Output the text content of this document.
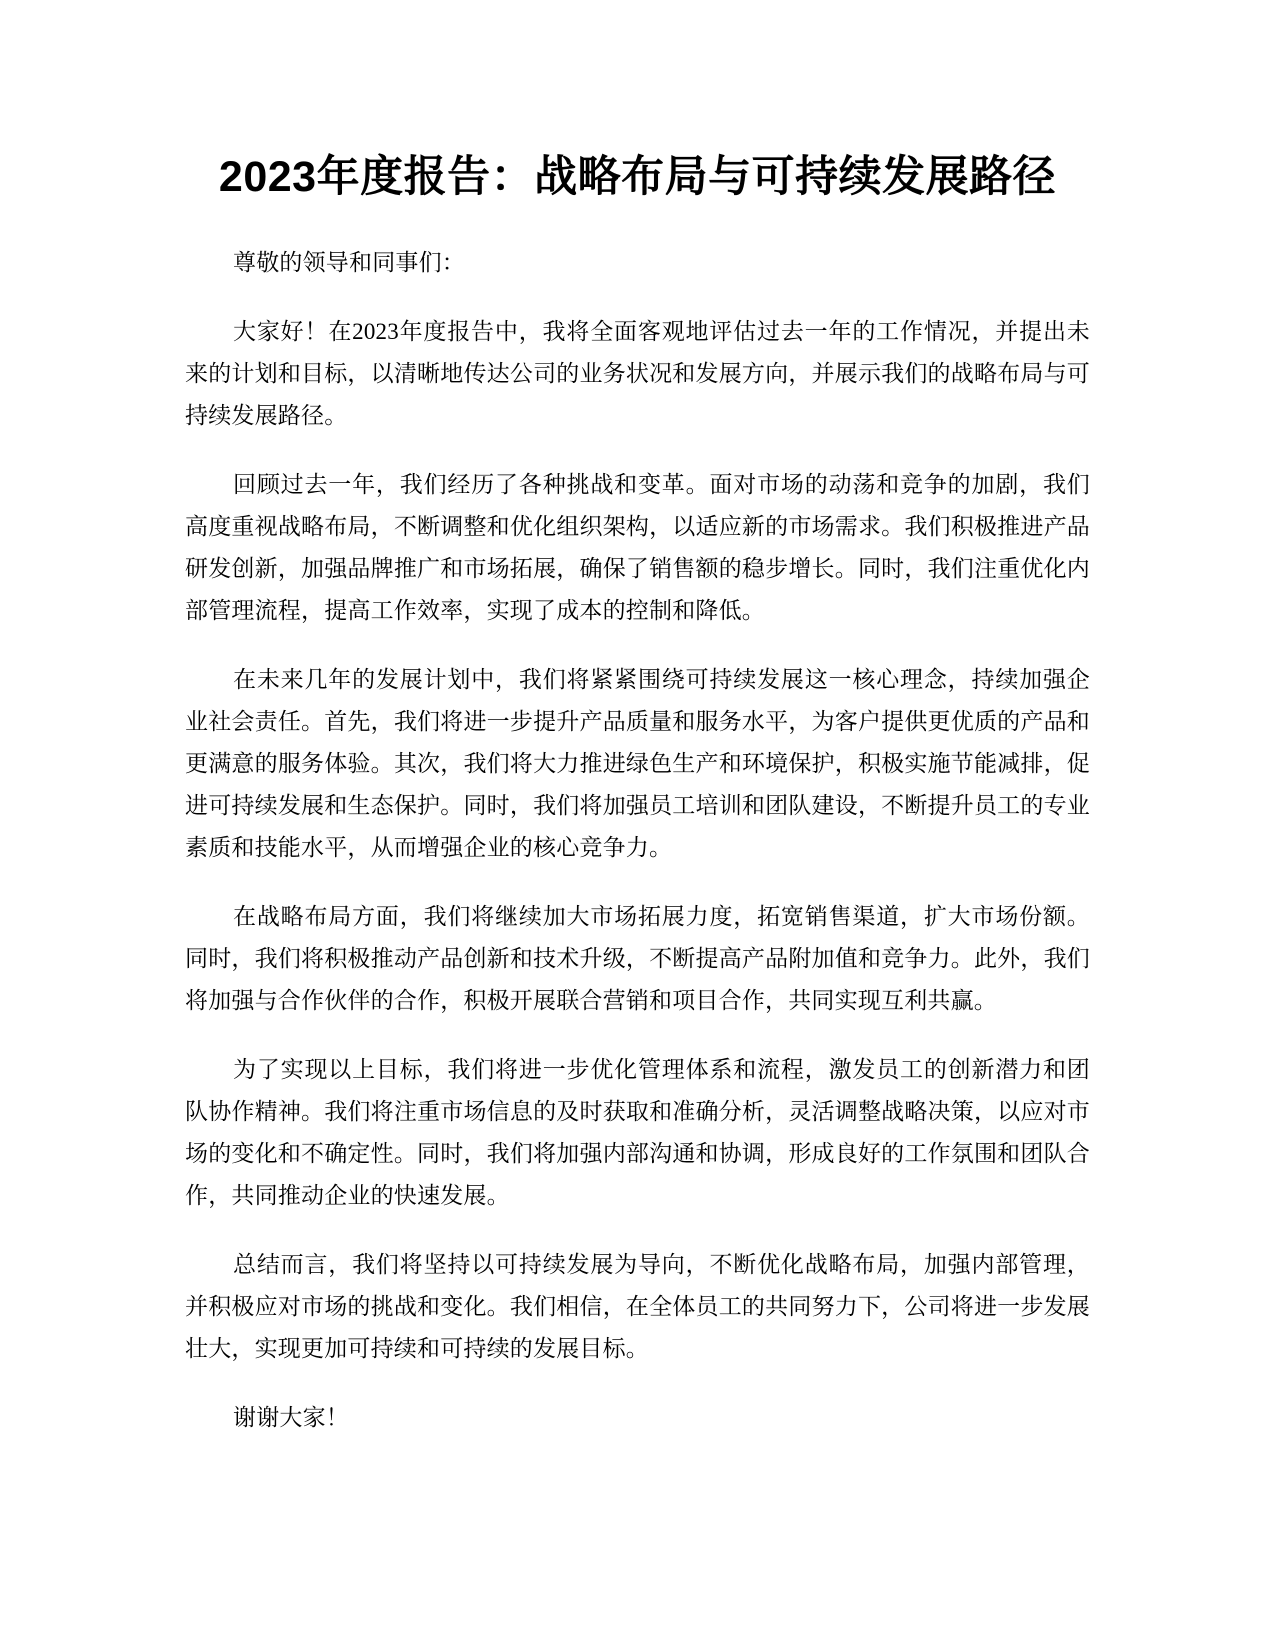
2023年度报告：战略布局与可持续发展路径

尊敬的领导和同事们：

大家好！在2023年度报告中，我将全面客观地评估过去一年的工作情况，并提出未来的计划和目标，以清晰地传达公司的业务状况和发展方向，并展示我们的战略布局与可持续发展路径。

回顾过去一年，我们经历了各种挑战和变革。面对市场的动荡和竞争的加剧，我们高度重视战略布局，不断调整和优化组织架构，以适应新的市场需求。我们积极推进产品研发创新，加强品牌推广和市场拓展，确保了销售额的稳步增长。同时，我们注重优化内部管理流程，提高工作效率，实现了成本的控制和降低。

在未来几年的发展计划中，我们将紧紧围绕可持续发展这一核心理念，持续加强企业社会责任。首先，我们将进一步提升产品质量和服务水平，为客户提供更优质的产品和更满意的服务体验。其次，我们将大力推进绿色生产和环境保护，积极实施节能减排，促进可持续发展和生态保护。同时，我们将加强员工培训和团队建设，不断提升员工的专业素质和技能水平，从而增强企业的核心竞争力。

在战略布局方面，我们将继续加大市场拓展力度，拓宽销售渠道，扩大市场份额。同时，我们将积极推动产品创新和技术升级，不断提高产品附加值和竞争力。此外，我们将加强与合作伙伴的合作，积极开展联合营销和项目合作，共同实现互利共赢。

为了实现以上目标，我们将进一步优化管理体系和流程，激发员工的创新潜力和团队协作精神。我们将注重市场信息的及时获取和准确分析，灵活调整战略决策，以应对市场的变化和不确定性。同时，我们将加强内部沟通和协调，形成良好的工作氛围和团队合作，共同推动企业的快速发展。

总结而言，我们将坚持以可持续发展为导向，不断优化战略布局，加强内部管理，并积极应对市场的挑战和变化。我们相信，在全体员工的共同努力下，公司将进一步发展壮大，实现更加可持续和可持续的发展目标。

谢谢大家！
